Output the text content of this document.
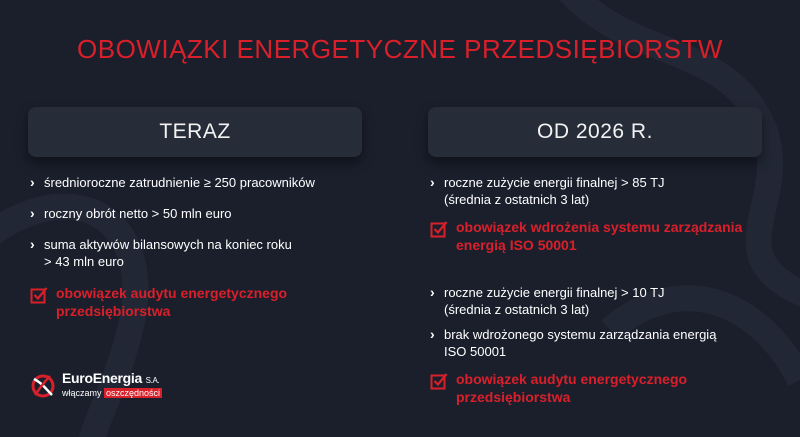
OBOWIĄZKI ENERGETYCZNE PRZEDSIĘBIORSTW
TERAZ	OD 2026 R.
› średnioroczne zatrudnienie ≥ 250 pracowników
› roczny obrót netto > 50 mln euro
› suma aktywów bilansowych na koniec roku
> 43 mln euro
obowiązek audytu energetycznego
przedsiębiorstwa
› roczne zużycie energii finalnej > 85 TJ
(średnia z ostatnich 3 lat)
obowiązek wdrożenia systemu zarządzania
energią ISO 50001
› roczne zużycie energii finalnej > 10 TJ
(średnia z ostatnich 3 lat)
› brak wdrożonego systemu zarządzania energią
ISO 50001
obowiązek audytu energetycznego
przedsiębiorstwa
EuroEnergia S.A.
włączamy oszczędności
